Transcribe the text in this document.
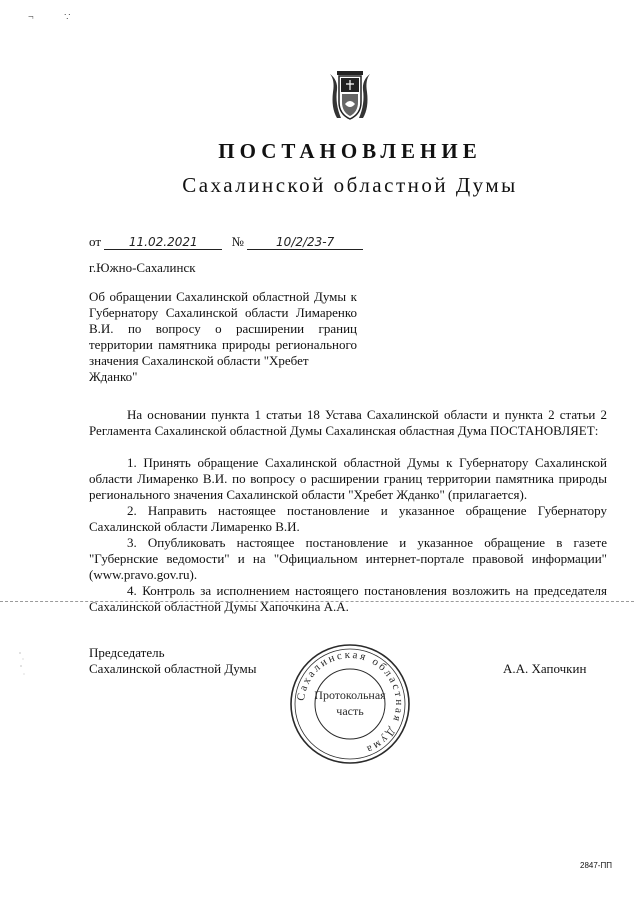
¬ ∵
ПОСТАНОВЛЕНИЕ
Сахалинской областной Думы
от 11.02.2021	№	10/2/23-7
г.Южно-Сахалинск
Об обращении Сахалинской областной Думы к Губернатору Сахалинской области Лимаренко В.И. по вопросу о расширении границ территории памятника природы регионального значения Сахалинской области "Хребет
Жданко"

На основании пункта 1 статьи 18 Устава Сахалинской области и пункта 2 статьи 2 Регламента Сахалинской областной Думы Сахалинская областная Дума ПОСТАНОВЛЯЕТ:

1. Принять обращение Сахалинской областной Думы к Губернатору Сахалинской области Лимаренко В.И. по вопросу о расширении границ территории памятника природы регионального значения Сахалинской области "Хребет Жданко" (прилагается).

2. Направить настоящее постановление и указанное обращение Губернатору Сахалинской области Лимаренко В.И.

3. Опубликовать настоящее постановление и указанное обращение в газете "Губернские ведомости" и на "Официальном интернет-портале правовой информации" (www.pravo.gov.ru).

4. Контроль за исполнением настоящего постановления возложить на председателя Сахалинской областной Думы Хапочкина А.А.

Председатель
Сахалинской областной Думы
Сахалинская областная Дума
Протокольная
часть
А.А. Хапочкин
2847-ПП
